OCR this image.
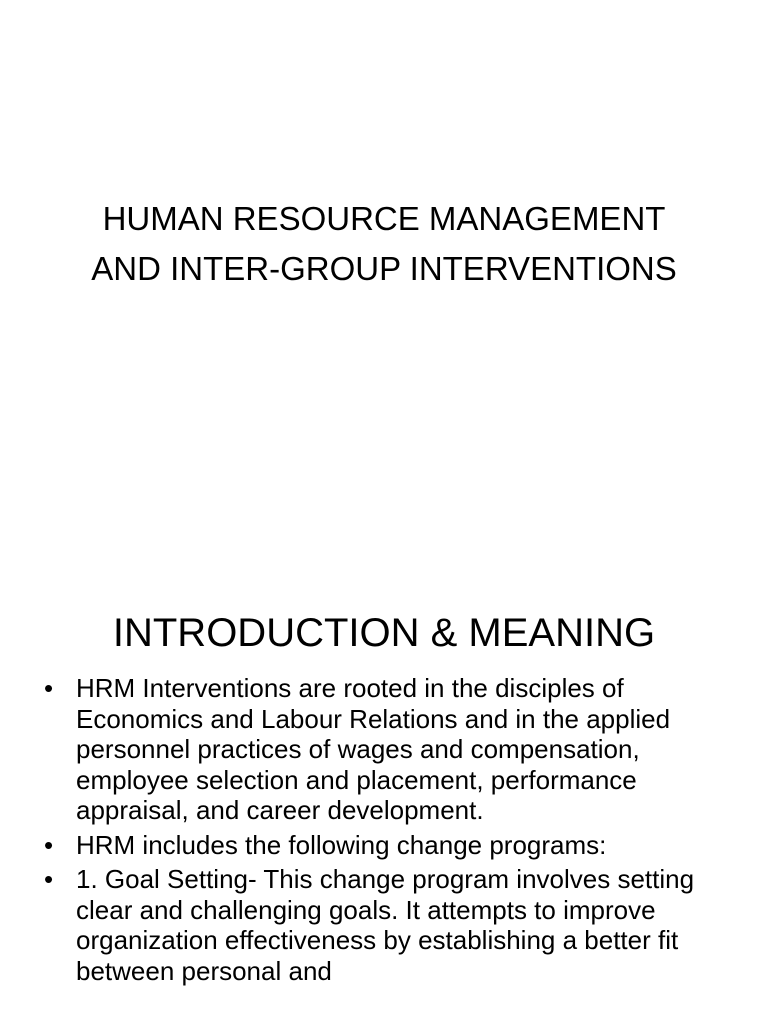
HUMAN RESOURCE MANAGEMENT
AND INTER-GROUP INTERVENTIONS
INTRODUCTION & MEANING
• HRM Interventions are rooted in the disciples of Economics and Labour Relations and in the applied personnel practices of wages and compensation, employee selection and placement, performance appraisal, and career development.
• HRM includes the following change programs:
• 1. Goal Setting- This change program involves setting clear and challenging goals. It attempts to improve organization effectiveness by establishing a better fit between personal and
